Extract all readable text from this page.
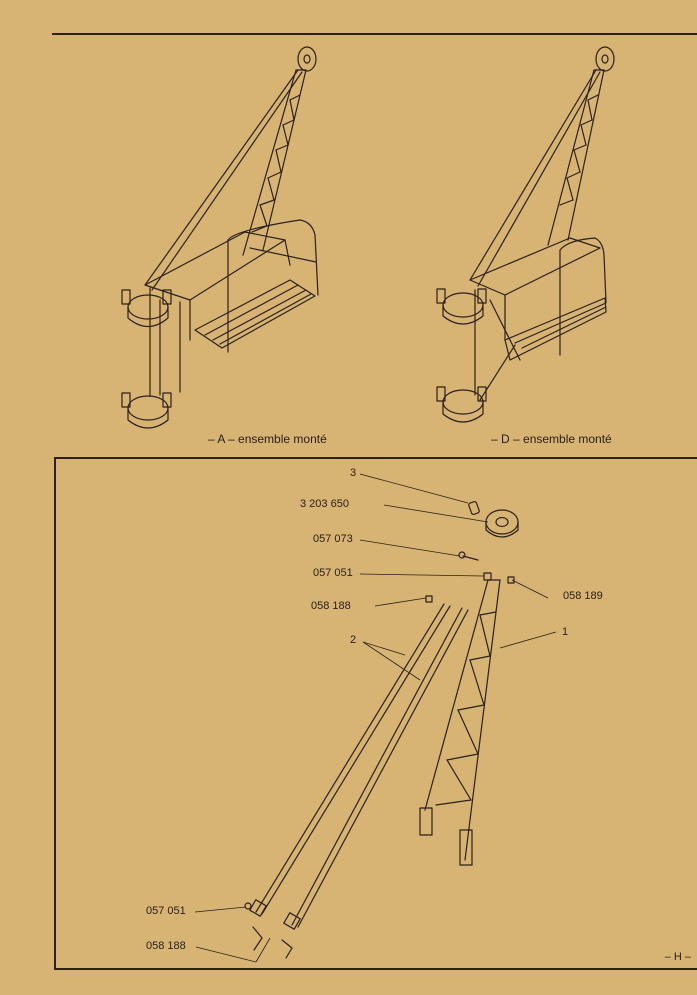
– A – ensemble monté	– D – ensemble monté
3
3 203 650
057 073
057 051
058 189
058 188
1
2
057 051
058 188
– H –
